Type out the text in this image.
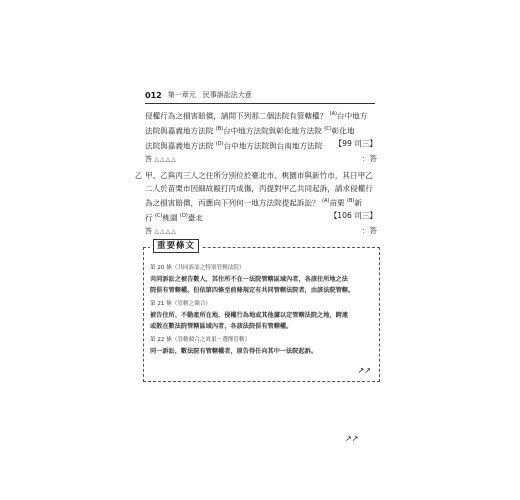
012 第一章元　民事訴訟法大意
侵權行為之損害賠償，請問下列那二個法院有管轄權？ $^{(A)}$台中地方
法院與嘉義地方法院 $^{(B)}$台中地方法院與彰化地方法院 $^{(C)}$彰化地
法院與嘉義地方法院 $^{(D)}$台中地方法院與台南地方法院 【99 司三】
答 △△△△	：答
甲、乙與丙三人之住所分別位於臺北市、桃園市與新竹市，其日甲乙
乙
二人於苗栗市因細故毆打丙成傷，丙提對甲乙共同起訴，請求侵權行
為之損害賠償，丙應向下列何一地方法院提起訴訟？ $^{(A)}$苗栗 $^{(B)}$新
行 $^{(C)}$桃園 $^{(D)}$臺北	【106 司三】
答 △△△△	：答
重要條文
第 20 條（共同訴訟之特別管轄法院）
共同訴訟之被告數人，其住所不在一法院管轄區域內者，各該住所地之法
院俱有管轄權。但依第四條至前條規定有共同管轄法院者，由該法院管轄。
第 21 條（管轄之競合）
被告住所、不動產所在地、侵權行為地或其他據以定管轄法院之地，跨連
或散在數法院管轄區域內者，各該法院俱有管轄權。
第 22 條（管轄競合之效果－選擇管轄）
同一訴訟，數法院有管轄權者，原告得任向其中一法院起訴。
↗↗
↗↗
